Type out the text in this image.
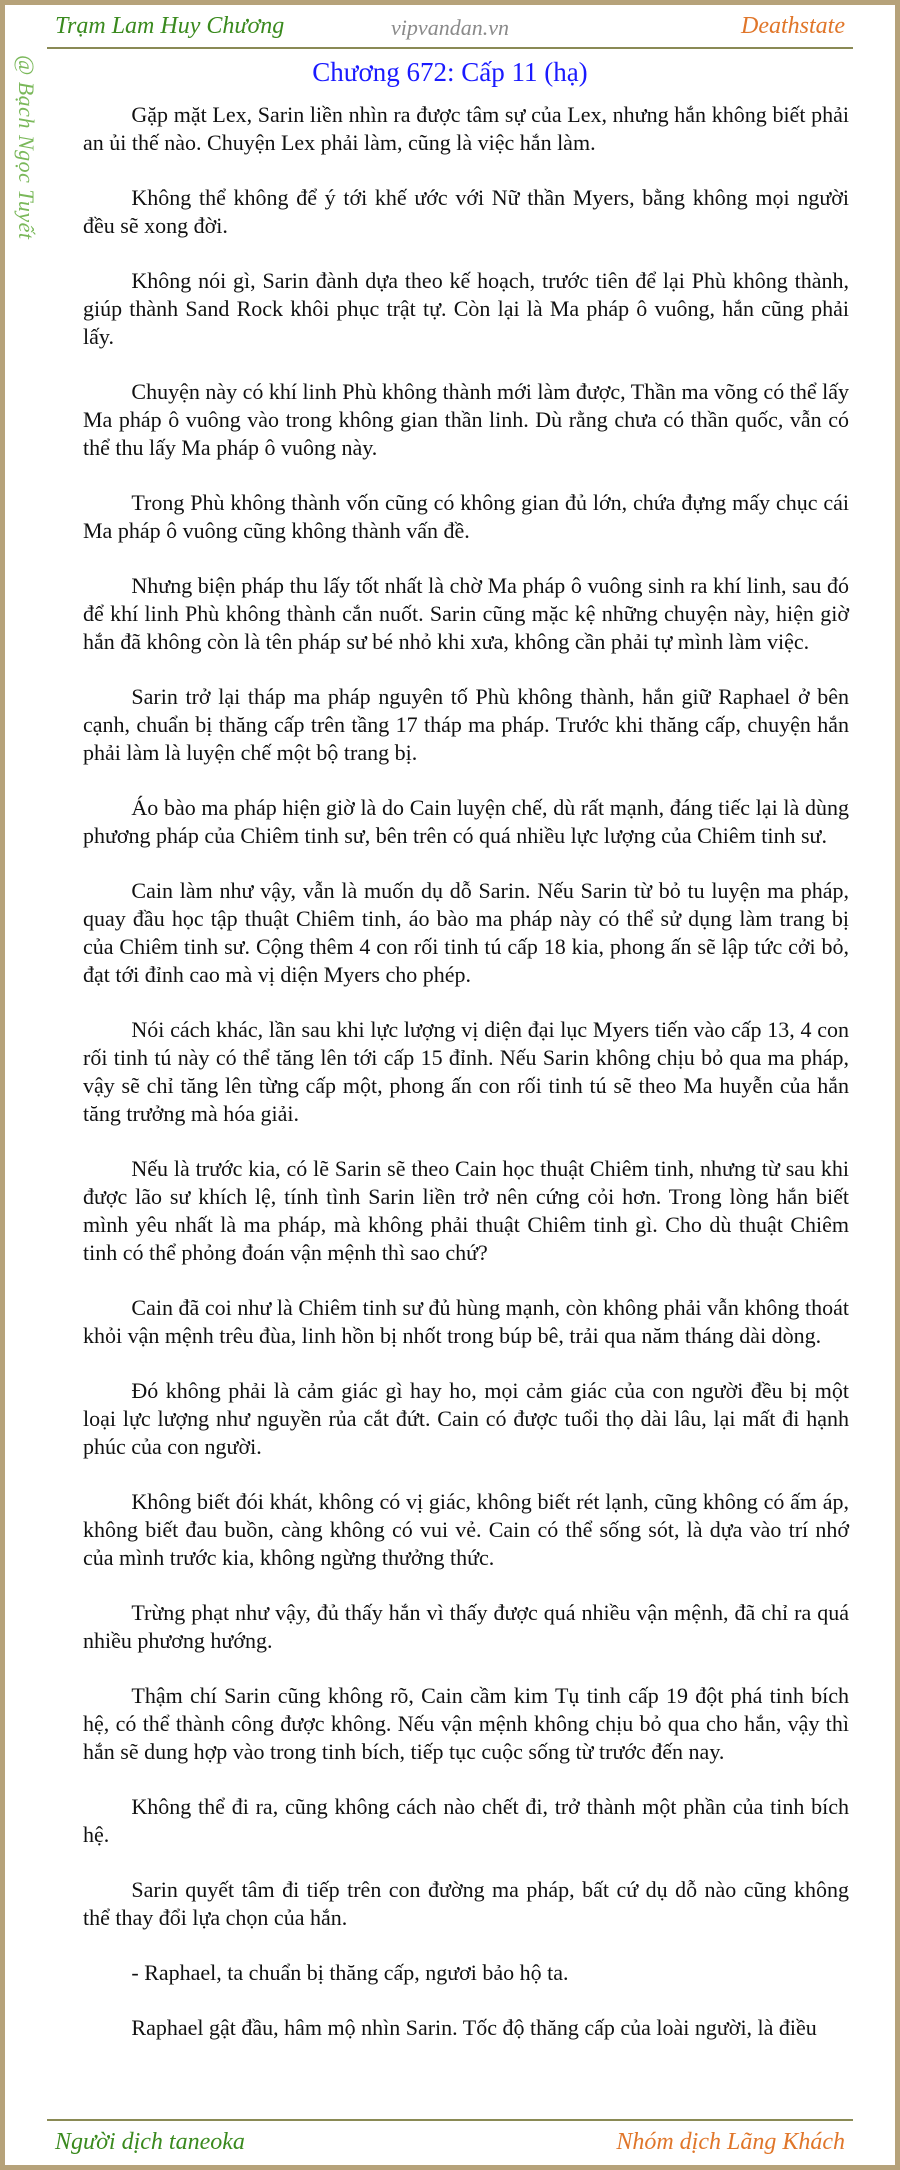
Trạm Lam Huy Chương	vipvandan.vn	Deathstate
@ Bạch Ngọc Tuyết	Chương 672: Cấp 11 (hạ)

Gặp mặt Lex, Sarin liền nhìn ra được tâm sự của Lex, nhưng hắn không biết phải an ủi thế nào. Chuyện Lex phải làm, cũng là việc hắn làm.

Không thể không để ý tới khế ước với Nữ thần Myers, bằng không mọi người đều sẽ xong đời.

Không nói gì, Sarin đành dựa theo kế hoạch, trước tiên để lại Phù không thành, giúp thành Sand Rock khôi phục trật tự. Còn lại là Ma pháp ô vuông, hắn cũng phải lấy.

Chuyện này có khí linh Phù không thành mới làm được, Thần ma võng có thể lấy Ma pháp ô vuông vào trong không gian thần linh. Dù rằng chưa có thần quốc, vẫn có thể thu lấy Ma pháp ô vuông này.

Trong Phù không thành vốn cũng có không gian đủ lớn, chứa đựng mấy chục cái Ma pháp ô vuông cũng không thành vấn đề.

Nhưng biện pháp thu lấy tốt nhất là chờ Ma pháp ô vuông sinh ra khí linh, sau đó để khí linh Phù không thành cắn nuốt. Sarin cũng mặc kệ những chuyện này, hiện giờ hắn đã không còn là tên pháp sư bé nhỏ khi xưa, không cần phải tự mình làm việc.

Sarin trở lại tháp ma pháp nguyên tố Phù không thành, hắn giữ Raphael ở bên cạnh, chuẩn bị thăng cấp trên tầng 17 tháp ma pháp. Trước khi thăng cấp, chuyện hắn phải làm là luyện chế một bộ trang bị.

Áo bào ma pháp hiện giờ là do Cain luyện chế, dù rất mạnh, đáng tiếc lại là dùng phương pháp của Chiêm tinh sư, bên trên có quá nhiều lực lượng của Chiêm tinh sư.

Cain làm như vậy, vẫn là muốn dụ dỗ Sarin. Nếu Sarin từ bỏ tu luyện ma pháp, quay đầu học tập thuật Chiêm tinh, áo bào ma pháp này có thể sử dụng làm trang bị của Chiêm tinh sư. Cộng thêm 4 con rối tinh tú cấp 18 kia, phong ấn sẽ lập tức cởi bỏ, đạt tới đỉnh cao mà vị diện Myers cho phép.

Nói cách khác, lần sau khi lực lượng vị diện đại lục Myers tiến vào cấp 13, 4 con rối tinh tú này có thể tăng lên tới cấp 15 đỉnh. Nếu Sarin không chịu bỏ qua ma pháp, vậy sẽ chỉ tăng lên từng cấp một, phong ấn con rối tinh tú sẽ theo Ma huyễn của hắn tăng trưởng mà hóa giải.

Nếu là trước kia, có lẽ Sarin sẽ theo Cain học thuật Chiêm tinh, nhưng từ sau khi được lão sư khích lệ, tính tình Sarin liền trở nên cứng cỏi hơn. Trong lòng hắn biết mình yêu nhất là ma pháp, mà không phải thuật Chiêm tinh gì. Cho dù thuật Chiêm tinh có thể phỏng đoán vận mệnh thì sao chứ?

Cain đã coi như là Chiêm tinh sư đủ hùng mạnh, còn không phải vẫn không thoát khỏi vận mệnh trêu đùa, linh hồn bị nhốt trong búp bê, trải qua năm tháng dài dòng.

Đó không phải là cảm giác gì hay ho, mọi cảm giác của con người đều bị một loại lực lượng như nguyền rủa cắt đứt. Cain có được tuổi thọ dài lâu, lại mất đi hạnh phúc của con người.

Không biết đói khát, không có vị giác, không biết rét lạnh, cũng không có ấm áp, không biết đau buồn, càng không có vui vẻ. Cain có thể sống sót, là dựa vào trí nhớ của mình trước kia, không ngừng thưởng thức.

Trừng phạt như vậy, đủ thấy hắn vì thấy được quá nhiều vận mệnh, đã chỉ ra quá nhiều phương hướng.

Thậm chí Sarin cũng không rõ, Cain cầm kim Tụ tinh cấp 19 đột phá tinh bích hệ, có thể thành công được không. Nếu vận mệnh không chịu bỏ qua cho hắn, vậy thì hắn sẽ dung hợp vào trong tinh bích, tiếp tục cuộc sống từ trước đến nay.

Không thể đi ra, cũng không cách nào chết đi, trở thành một phần của tinh bích hệ.

Sarin quyết tâm đi tiếp trên con đường ma pháp, bất cứ dụ dỗ nào cũng không thể thay đổi lựa chọn của hắn.

- Raphael, ta chuẩn bị thăng cấp, ngươi bảo hộ ta.

Raphael gật đầu, hâm mộ nhìn Sarin. Tốc độ thăng cấp của loài người, là điều

Người dịch taneoka	Nhóm dịch Lãng Khách
